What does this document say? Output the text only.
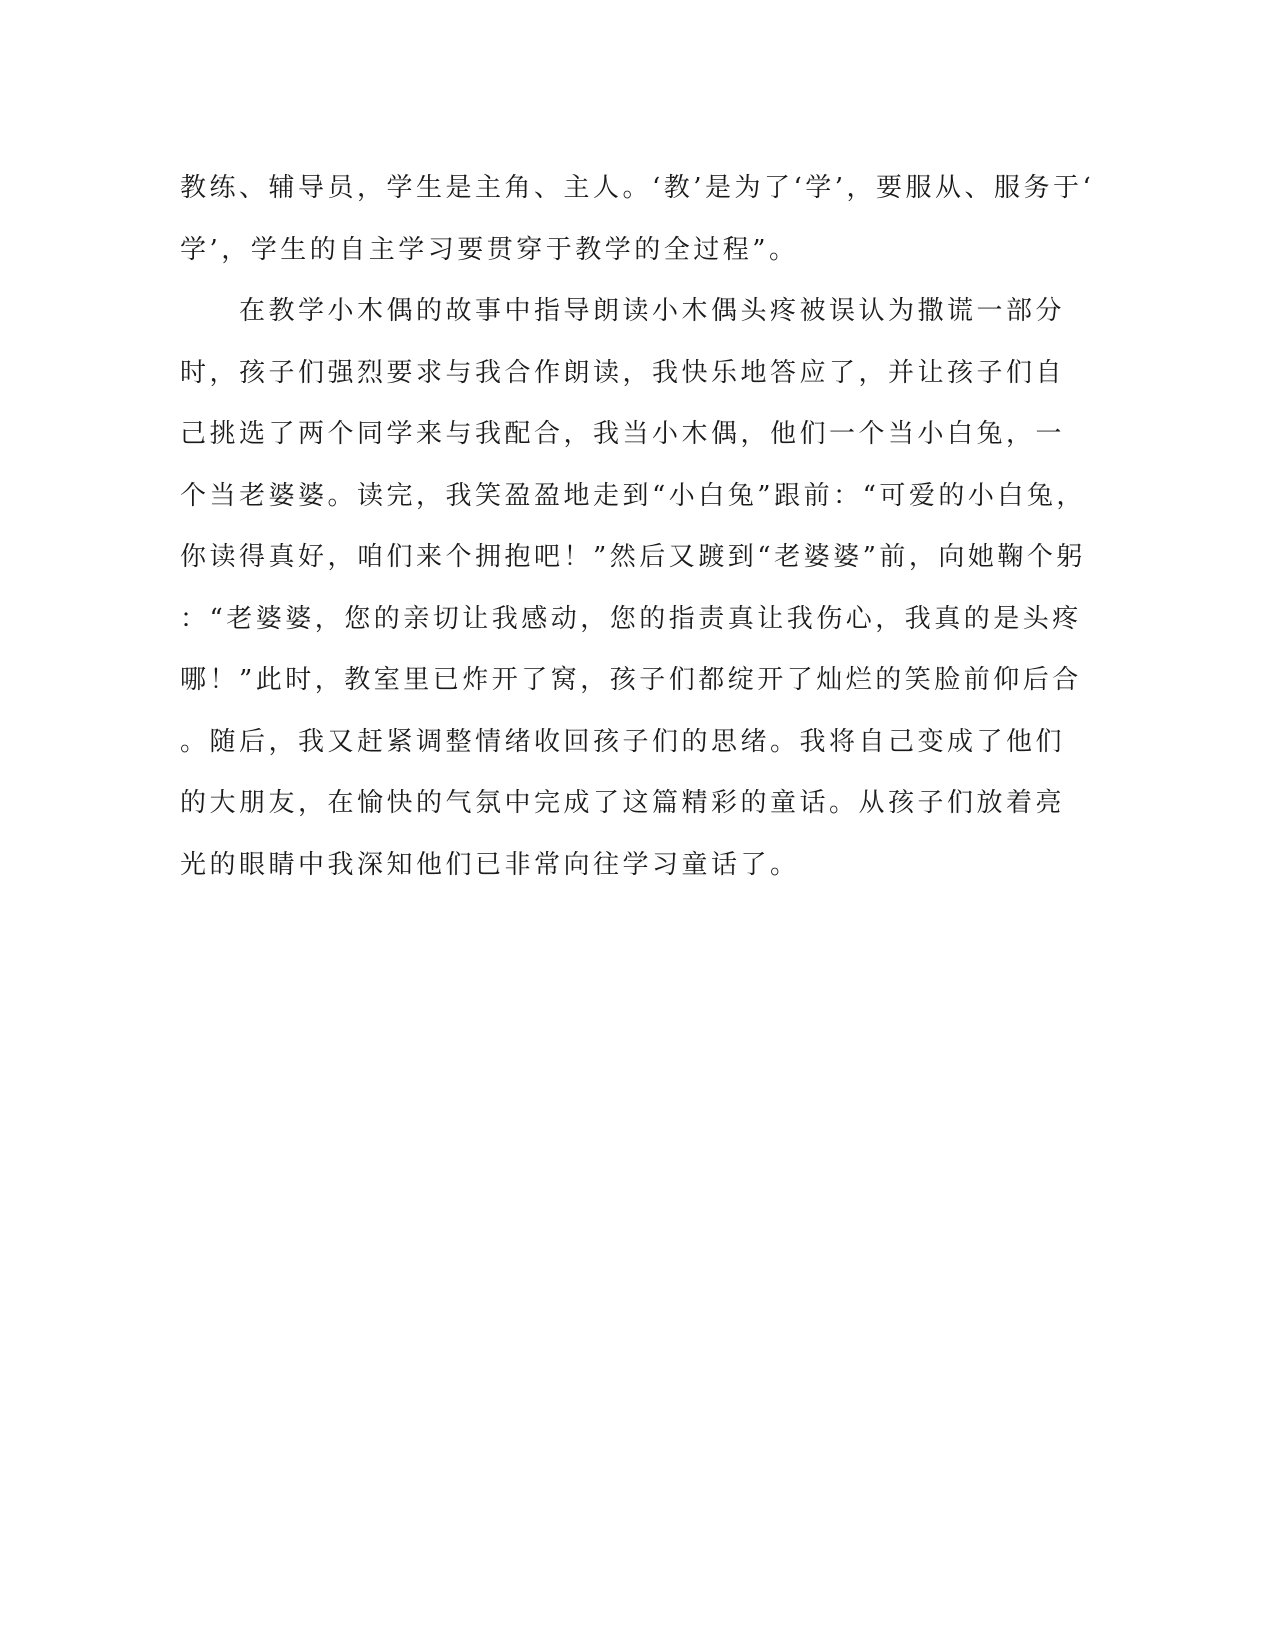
教练、辅导员，学生是主角、主人。‘教’是为了‘学’，要服从、服务于‘
学’，学生的自主学习要贯穿于教学的全过程”。
　　在教学小木偶的故事中指导朗读小木偶头疼被误认为撒谎一部分
时，孩子们强烈要求与我合作朗读，我快乐地答应了，并让孩子们自
己挑选了两个同学来与我配合，我当小木偶，他们一个当小白兔，一
个当老婆婆。读完，我笑盈盈地走到“小白兔”跟前：“可爱的小白兔，
你读得真好，咱们来个拥抱吧！”然后又踱到“老婆婆”前，向她鞠个躬
：“老婆婆，您的亲切让我感动，您的指责真让我伤心，我真的是头疼
哪！”此时，教室里已炸开了窝，孩子们都绽开了灿烂的笑脸前仰后合
。随后，我又赶紧调整情绪收回孩子们的思绪。我将自己变成了他们
的大朋友，在愉快的气氛中完成了这篇精彩的童话。从孩子们放着亮
光的眼睛中我深知他们已非常向往学习童话了。
